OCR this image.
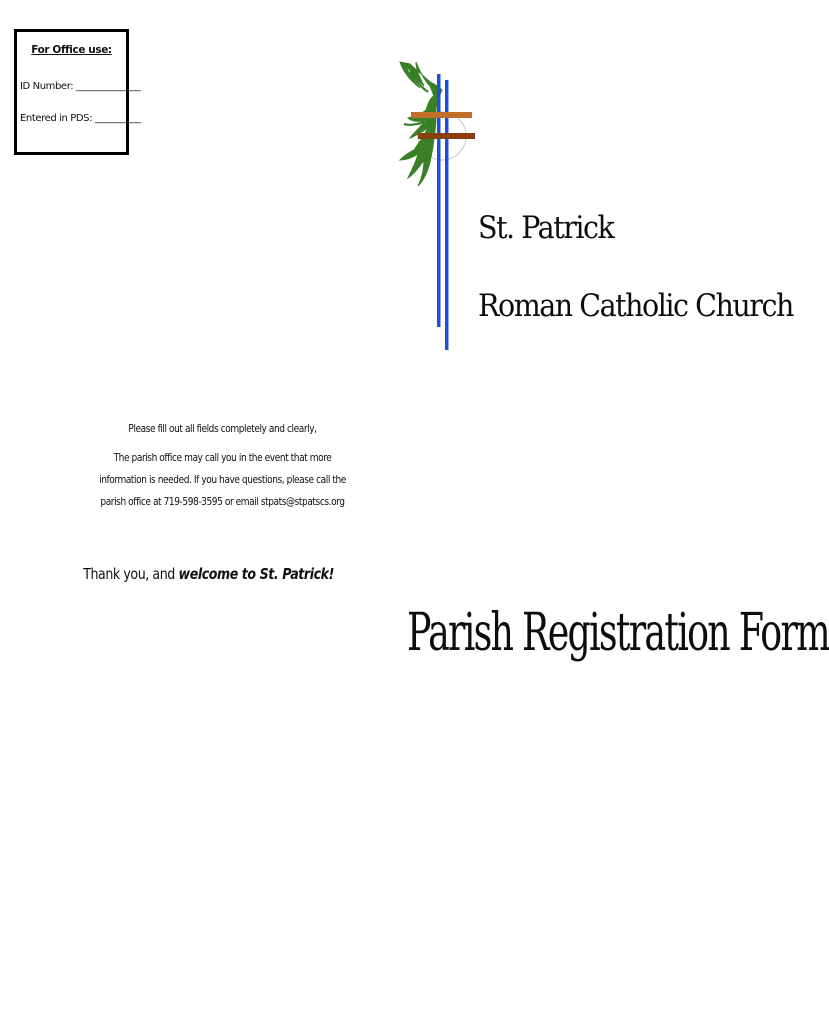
For Office use:
ID Number: ______________
Entered in PDS: __________
St. Patrick
Roman Catholic Church

Please fill out all fields completely and clearly,

The parish office may call you in the event that more information is needed. If you have questions, please call the parish office at 719-598-3595 or email stpats@stpatscs.org

Thank you, and welcome to St. Patrick!
Parish Registration Form
